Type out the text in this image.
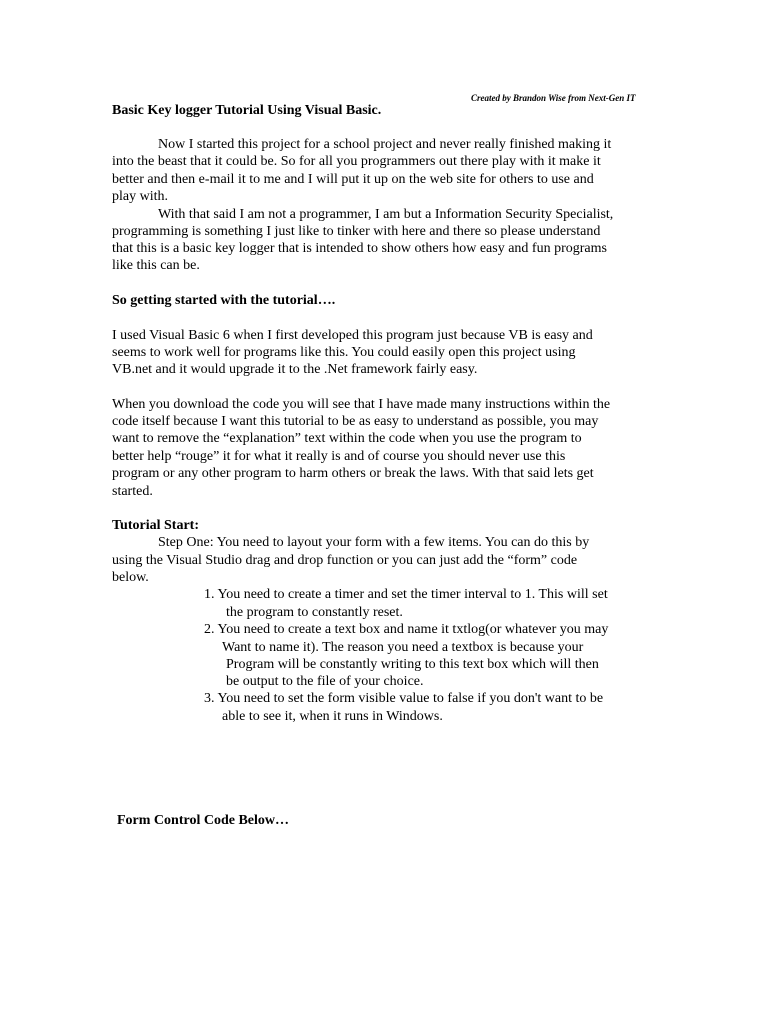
Created by Brandon Wise from Next-Gen IT
Basic Key logger Tutorial Using Visual Basic.
Now I started this project for a school project and never really finished making it
into the beast that it could be. So for all you programmers out there play with it make it
better and then e-mail it to me and I will put it up on the web site for others to use and
play with.
With that said I am not a programmer, I am but a Information Security Specialist,
programming is something I just like to tinker with here and there so please understand
that this is a basic key logger that is intended to show others how easy and fun programs
like this can be.
So getting started with the tutorial….
I used Visual Basic 6 when I first developed this program just because VB is easy and
seems to work well for programs like this. You could easily open this project using
VB.net and it would upgrade it to the .Net framework fairly easy.
When you download the code you will see that I have made many instructions within the
code itself because I want this tutorial to be as easy to understand as possible, you may
want to remove the “explanation” text within the code when you use the program to
better help “rouge” it for what it really is and of course you should never use this
program or any other program to harm others or break the laws. With that said lets get
started.
Tutorial Start:
Step One: You need to layout your form with a few items. You can do this by
using the Visual Studio drag and drop function or you can just add the “form” code
below.
1. You need to create a timer and set the timer interval to 1. This will set
the program to constantly reset.
2. You need to create a text box and name it txtlog(or whatever you may
Want to name it). The reason you need a textbox is because your
Program will be constantly writing to this text box which will then
be output to the file of your choice.
3. You need to set the form visible value to false if you don't want to be
able to see it, when it runs in Windows.
Form Control Code Below…
